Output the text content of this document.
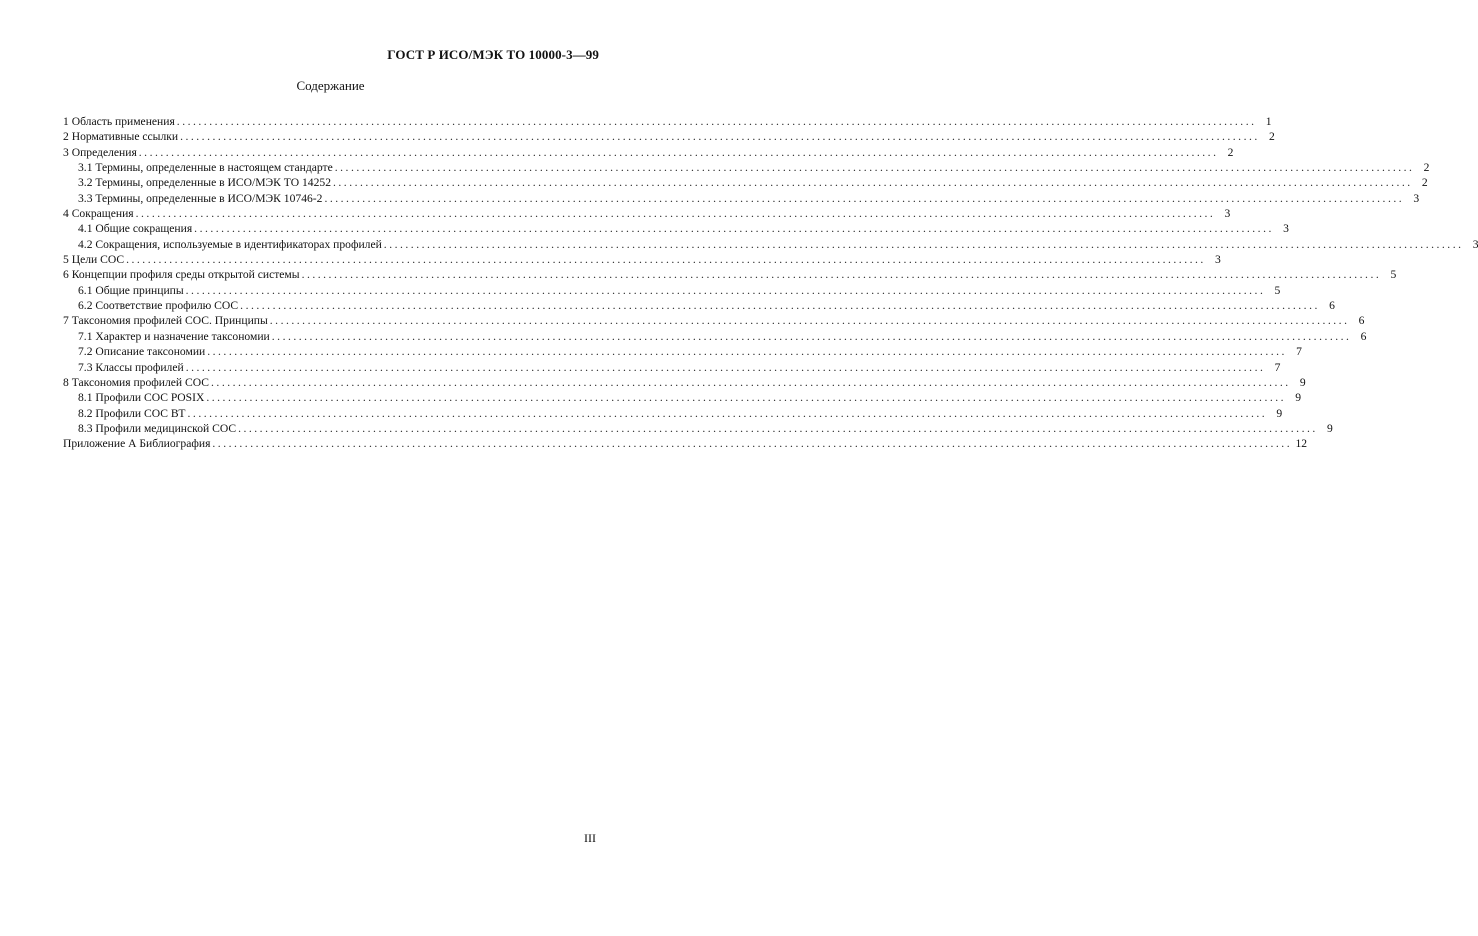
ГОСТ Р ИСО/МЭК ТО 10000-3—99
Содержание
1 Область применения ........................................................................................................................................................................................................ 1
2 Нормативные ссылки ........................................................................................................................................................................................................ 2
3 Определения ........................................................................................................................................................................................................ 2
3.1 Термины, определенные в настоящем стандарте ........................................................................................................................................................................................................ 2
3.2 Термины, определенные в ИСО/МЭК ТО 14252 ........................................................................................................................................................................................................ 2
3.3 Термины, определенные в ИСО/МЭК 10746-2 ........................................................................................................................................................................................................ 3
4 Сокращения ........................................................................................................................................................................................................ 3
4.1 Общие сокращения ........................................................................................................................................................................................................ 3
4.2 Сокращения, используемые в идентификаторах профилей ........................................................................................................................................................................................................ 3
5 Цели СОС ........................................................................................................................................................................................................ 3
6 Концепции профиля среды открытой системы ........................................................................................................................................................................................................ 5
6.1 Общие принципы ........................................................................................................................................................................................................ 5
6.2 Соответствие профилю СОС ........................................................................................................................................................................................................ 6
7 Таксономия профилей СОС. Принципы ........................................................................................................................................................................................................ 6
7.1 Характер и назначение таксономии ........................................................................................................................................................................................................ 6
7.2 Описание таксономии ........................................................................................................................................................................................................ 7
7.3 Классы профилей ........................................................................................................................................................................................................ 7
8 Таксономия профилей СОС ........................................................................................................................................................................................................ 9
8.1 Профили СОС POSIX ........................................................................................................................................................................................................ 9
8.2 Профили СОС ВТ ........................................................................................................................................................................................................ 9
8.3 Профили медицинской СОС ........................................................................................................................................................................................................ 9
Приложение А Библиография ........................................................................................................................................................................................................ 12
III
